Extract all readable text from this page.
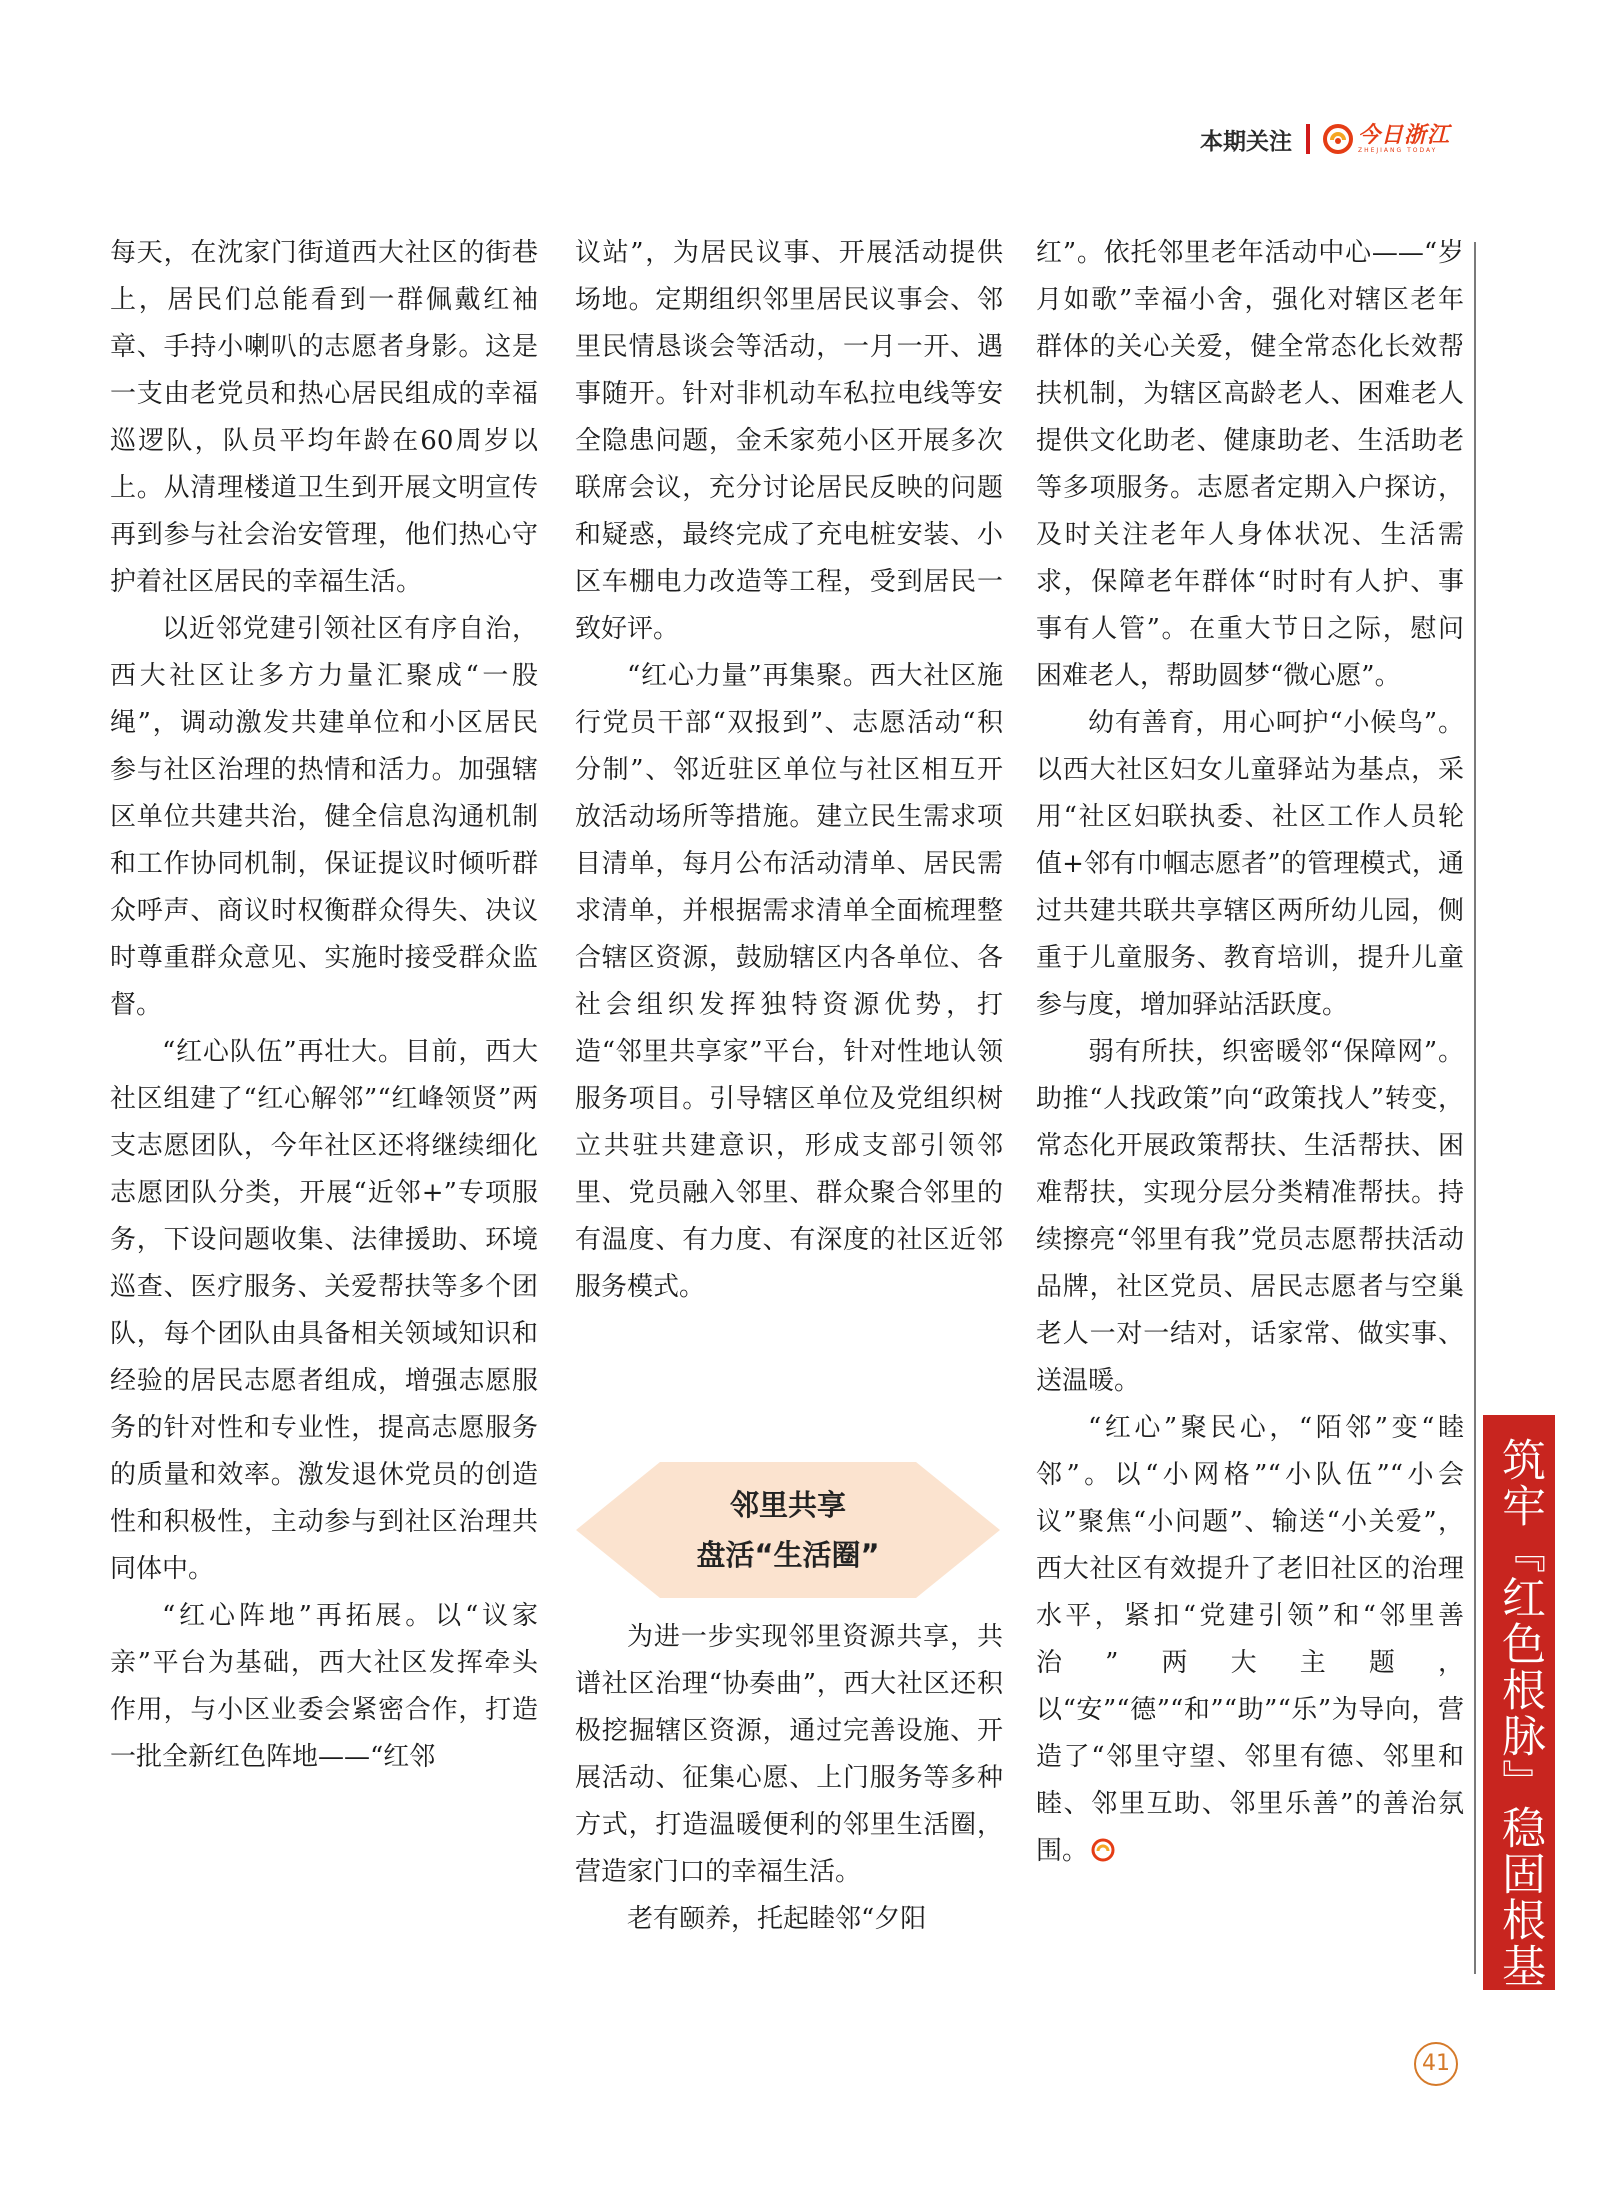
本期关注	今日浙江
ZHEJIANG TODAY

每天，在沈家门街道西大社区的街巷上，居民们总能看到一群佩戴红袖章、手持小喇叭的志愿者身影。这是一支由老党员和热心居民组成的幸福巡逻队，队员平均年龄在60周岁以上。从清理楼道卫生到开展文明宣传再到参与社会治安管理，他们热心守护着社区居民的幸福生活。

以近邻党建引领社区有序自治，西大社区让多方力量汇聚成“一股绳”，调动激发共建单位和小区居民参与社区治理的热情和活力。加强辖区单位共建共治，健全信息沟通机制和工作协同机制，保证提议时倾听群众呼声、商议时权衡群众得失、决议时尊重群众意见、实施时接受群众监督。

“红心队伍”再壮大。目前，西大社区组建了“红心解邻”“红峰领贤”两支志愿团队，今年社区还将继续细化志愿团队分类，开展“近邻+”专项服务，下设问题收集、法律援助、环境巡查、医疗服务、关爱帮扶等多个团队，每个团队由具备相关领域知识和经验的居民志愿者组成，增强志愿服务的针对性和专业性，提高志愿服务的质量和效率。激发退休党员的创造性和积极性，主动参与到社区治理共同体中。

“红心阵地”再拓展。以“议家亲”平台为基础，西大社区发挥牵头作用，与小区业委会紧密合作，打造一批全新红色阵地——“红邻

议站”，为居民议事、开展活动提供场地。定期组织邻里居民议事会、邻里民情恳谈会等活动，一月一开、遇事随开。针对非机动车私拉电线等安全隐患问题，金禾家苑小区开展多次联席会议，充分讨论居民反映的问题和疑惑，最终完成了充电桩安装、小区车棚电力改造等工程，受到居民一致好评。

“红心力量”再集聚。西大社区施行党员干部“双报到”、志愿活动“积分制”、邻近驻区单位与社区相互开放活动场所等措施。建立民生需求项目清单，每月公布活动清单、居民需求清单，并根据需求清单全面梳理整合辖区资源，鼓励辖区内各单位、各社会组织发挥独特资源优势，打造“邻里共享家”平台，针对性地认领服务项目。引导辖区单位及党组织树立共驻共建意识，形成支部引领邻里、党员融入邻里、群众聚合邻里的有温度、有力度、有深度的社区近邻服务模式。

邻里共享
盘活“生活圈”

为进一步实现邻里资源共享，共谱社区治理“协奏曲”，西大社区还积极挖掘辖区资源，通过完善设施、开展活动、征集心愿、上门服务等多种方式，打造温暖便利的邻里生活圈，营造家门口的幸福生活。

老有颐养，托起睦邻“夕阳

红”。依托邻里老年活动中心——“岁月如歌”幸福小舍，强化对辖区老年群体的关心关爱，健全常态化长效帮扶机制，为辖区高龄老人、困难老人提供文化助老、健康助老、生活助老等多项服务。志愿者定期入户探访，及时关注老年人身体状况、生活需求，保障老年群体“时时有人护、事事有人管”。在重大节日之际，慰问困难老人，帮助圆梦“微心愿”。

幼有善育，用心呵护“小候鸟”。以西大社区妇女儿童驿站为基点，采用“社区妇联执委、社区工作人员轮值+邻有巾帼志愿者”的管理模式，通过共建共联共享辖区两所幼儿园，侧重于儿童服务、教育培训，提升儿童参与度，增加驿站活跃度。

弱有所扶，织密暖邻“保障网”。助推“人找政策”向“政策找人”转变，常态化开展政策帮扶、生活帮扶、困难帮扶，实现分层分类精准帮扶。持续擦亮“邻里有我”党员志愿帮扶活动品牌，社区党员、居民志愿者与空巢老人一对一结对，话家常、做实事、送温暖。

“红心”聚民心，“陌邻”变“睦邻”。以“小网格”“小队伍”“小会议”聚焦“小问题”、输送“小关爱”，西大社区有效提升了老旧社区的治理水平，紧扣“党建引领”和“邻里善治”两大主题，以“安”“德”“和”“助”“乐”为导向，营造了“邻里守望、邻里有德、邻里和睦、邻里互助、邻里乐善”的善治氛围。	筑牢『红色根脉』稳固根基
41
